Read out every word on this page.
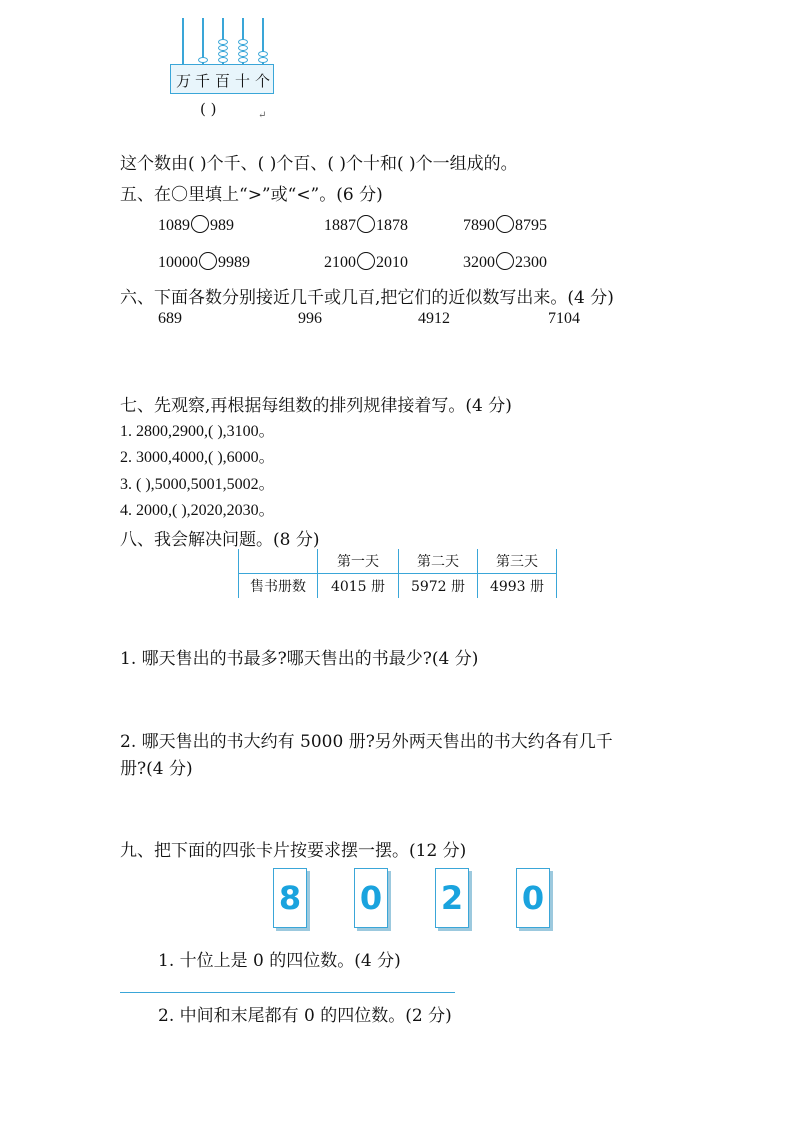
万 千 百 十 个
( )	↵
这个数由( )个千、( )个百、( )个十和( )个一组成的。
五、在〇里填上“>”或“<”。(6 分)
1089 989	1887 1878	7890 8795
10000 9989	2100 2010	3200 2300
六、下面各数分别接近几千或几百,把它们的近似数写出来。(4 分)
689	996	4912	7104
七、先观察,再根据每组数的排列规律接着写。(4 分)
1. 2800,2900,( ),3100。
2. 3000,4000,( ),6000。
3. ( ),5000,5001,5002。
4. 2000,( ),2020,2030。
八、我会解决问题。(8 分)
	第一天	第二天	第三天
售书册数	4015 册	5972 册	4993 册
1. 哪天售出的书最多?哪天售出的书最少?(4 分)
2. 哪天售出的书大约有 5000 册?另外两天售出的书大约各有几千
册?(4 分)
九、把下面的四张卡片按要求摆一摆。(12 分)
8 0 2 0
1. 十位上是 0 的四位数。(4 分)
2. 中间和末尾都有 0 的四位数。(2 分)
